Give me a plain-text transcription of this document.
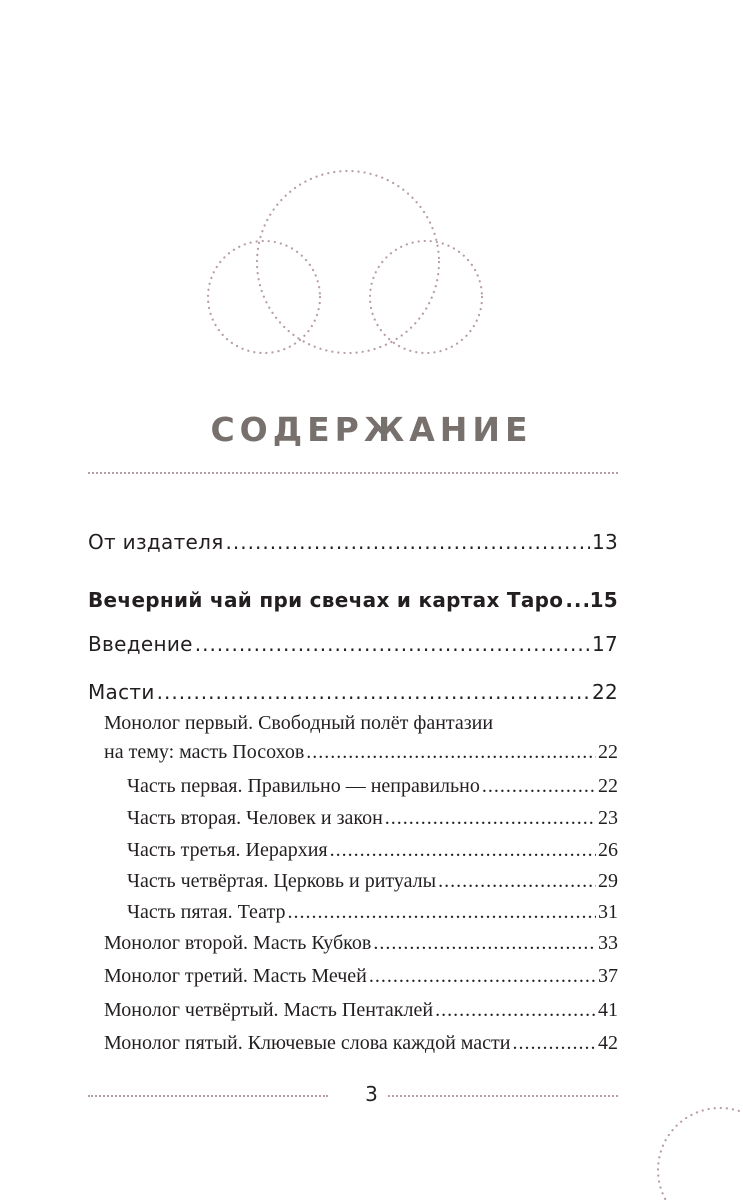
СОДЕРЖАНИЕ
От издателя .....	13
Вечерний чай при свечах и картах Таро ..... 15
Введение .....	17
Масти .....	22
Монолог первый. Свободный полёт фантазии
на тему: масть Посохов .....	22
Часть первая. Правильно — неправильно .....	22
Часть вторая. Человек и закон .....	23
Часть третья. Иерархия .....	26
Часть четвёртая. Церковь и ритуалы .....	29
Часть пятая. Театр .....	31
Монолог второй. Масть Кубков .....	33
Монолог третий. Масть Мечей .....	37
Монолог четвёртый. Масть Пентаклей .....	41
Монолог пятый. Ключевые слова каждой масти .....	42
3
